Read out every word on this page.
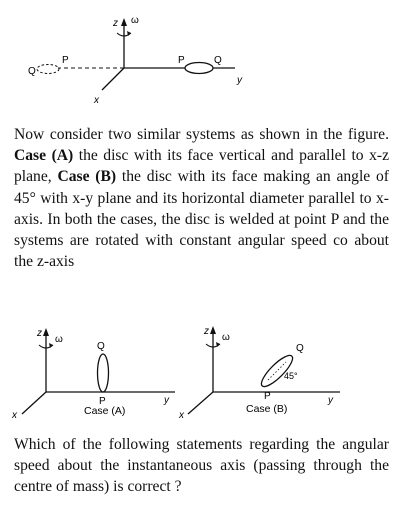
z ω
y
x
Q
P	P	Q

Now consider two similar systems as shown in the figure. Case (A) the disc with its face vertical and parallel to x-z plane, Case (B) the disc with its face making an angle of 45° with x-y plane and its horizontal diameter parallel to x-axis. In both the cases, the disc is welded at point P and the systems are rotated with constant angular speed co about the z-axis

z
ω
y
x
Q
P
Case (A)
z
ω
y
x
Q
45°
P
Case (B)

Which of the following statements regarding the angular speed about the instantaneous axis (passing through the centre of mass) is correct ?
